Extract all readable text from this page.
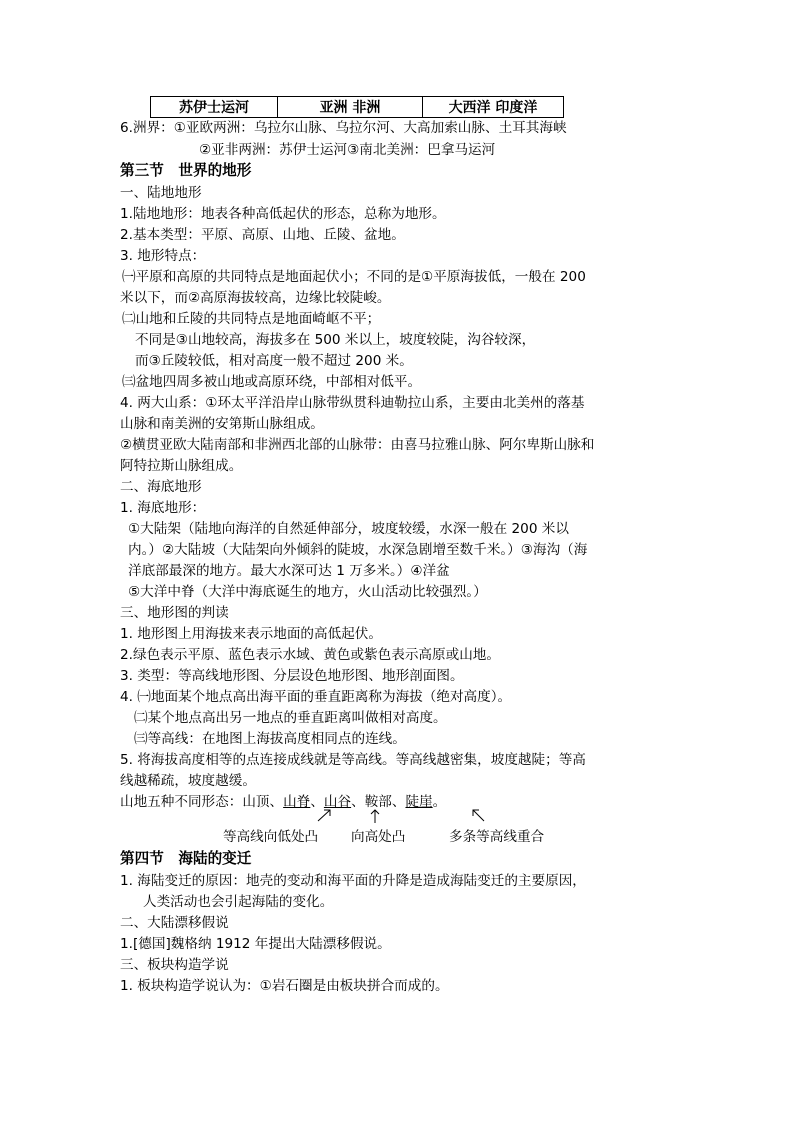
苏伊士运河	亚洲 非洲	大西洋 印度洋
6.洲界：①亚欧两洲：乌拉尔山脉、乌拉尔河、大高加索山脉、土耳其海峡
②亚非两洲：苏伊士运河③南北美洲：巴拿马运河
第三节　世界的地形
一、陆地地形
1.陆地地形：地表各种高低起伏的形态，总称为地形。
2.基本类型：平原、高原、山地、丘陵、盆地。
3. 地形特点：
㈠平原和高原的共同特点是地面起伏小；不同的是①平原海拔低，一般在 200
米以下，而②高原海拔较高，边缘比较陡峻。
㈡山地和丘陵的共同特点是地面崎岖不平；
不同是③山地较高，海拔多在 500 米以上，坡度较陡，沟谷较深，
而③丘陵较低，相对高度一般不超过 200 米。
㈢盆地四周多被山地或高原环绕，中部相对低平。
4. 两大山系：①环太平洋沿岸山脉带纵贯科迪勒拉山系，主要由北美州的落基
山脉和南美洲的安第斯山脉组成。
②横贯亚欧大陆南部和非洲西北部的山脉带：由喜马拉雅山脉、阿尔卑斯山脉和
阿特拉斯山脉组成。
二、海底地形
1. 海底地形：
①大陆架（陆地向海洋的自然延伸部分，坡度较缓，水深一般在 200 米以
内。）②大陆坡（大陆架向外倾斜的陡坡，水深急剧增至数千米。）③海沟（海
洋底部最深的地方。最大水深可达 1 万多米。）④洋盆
⑤大洋中脊（大洋中海底诞生的地方，火山活动比较强烈。）
三、地形图的判读
1. 地形图上用海拔来表示地面的高低起伏。
2.绿色表示平原、蓝色表示水域、黄色或紫色表示高原或山地。
3. 类型：等高线地形图、分层设色地形图、地形剖面图。
4. ㈠地面某个地点高出海平面的垂直距离称为海拔（绝对高度）。
㈡某个地点高出另一地点的垂直距离叫做相对高度。
㈢等高线：在地图上海拔高度相同点的连线。
5. 将海拔高度相等的点连接成线就是等高线。等高线越密集，坡度越陡；等高
线越稀疏，坡度越缓。
山地五种不同形态：山顶、山脊、山谷、鞍部、陡崖。
等高线向低处凸 向高处凸	多条等高线重合
第四节　海陆的变迁
1. 海陆变迁的原因：地壳的变动和海平面的升降是造成海陆变迁的主要原因，
人类活动也会引起海陆的变化。
二、大陆漂移假说
1.[德国]魏格纳 1912 年提出大陆漂移假说。
三、板块构造学说
1. 板块构造学说认为：①岩石圈是由板块拼合而成的。
